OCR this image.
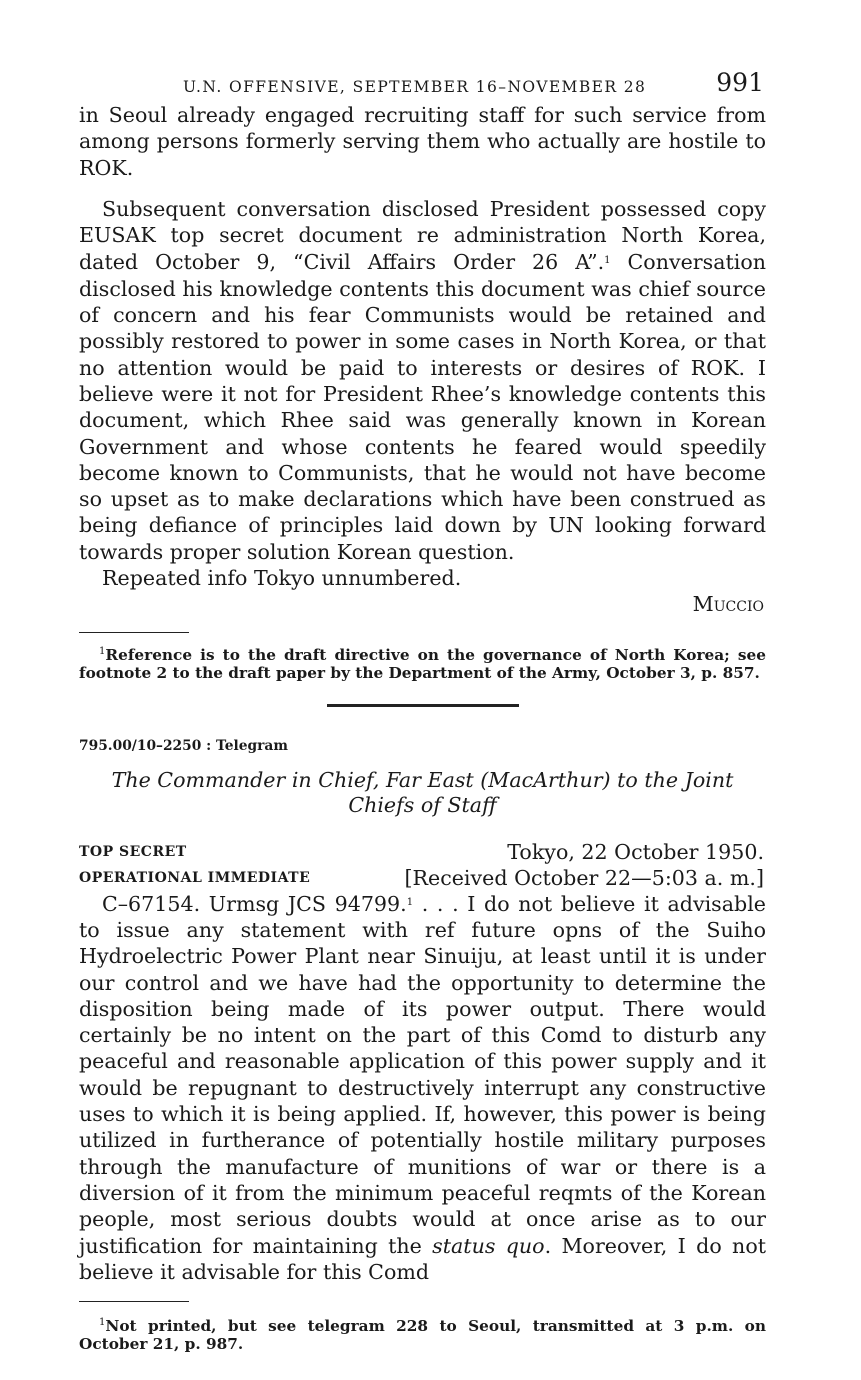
U.N. OFFENSIVE, SEPTEMBER 16–NOVEMBER 28	991

in Seoul already engaged recruiting staff for such service from among persons formerly serving them who actually are hostile to ROK.

Subsequent conversation disclosed President possessed copy EUSAK top secret document re administration North Korea, dated October 9, “Civil Affairs Order 26 A”.$^1$ Conversation disclosed his knowledge contents this document was chief source of concern and his fear Communists would be retained and possibly restored to power in some cases in North Korea, or that no attention would be paid to interests or desires of ROK. I believe were it not for President Rhee’s knowledge contents this document, which Rhee said was generally known in Korean Government and whose contents he feared would speedily become known to Communists, that he would not have become so upset as to make declarations which have been construed as being defiance of principles laid down by UN looking forward towards proper solution Korean question.

Repeated info Tokyo unnumbered.

Muccio

$^1$Reference is to the draft directive on the governance of North Korea; see footnote 2 to the draft paper by the Department of the Army, October 3, p. 857.

795.00/10–2250 : Telegram
The Commander in Chief, Far East (MacArthur) to the Joint Chiefs of Staff
TOP SECRET	Tokyo, 22 October 1950.
OPERATIONAL IMMEDIATE	[Received October 22—5:03 a. m.]

C–67154. Urmsg JCS 94799.$^1$ . . . I do not believe it advisable to issue any statement with ref future opns of the Suiho Hydroelectric Power Plant near Sinuiju, at least until it is under our control and we have had the opportunity to determine the disposition being made of its power output. There would certainly be no intent on the part of this Comd to disturb any peaceful and reasonable application of this power supply and it would be repugnant to destructively interrupt any constructive uses to which it is being applied. If, however, this power is being utilized in furtherance of potentially hostile military purposes through the manufacture of munitions of war or there is a diversion of it from the minimum peaceful reqmts of the Korean people, most serious doubts would at once arise as to our justification for maintaining the status quo. Moreover, I do not believe it advisable for this Comd

$^1$Not printed, but see telegram 228 to Seoul, transmitted at 3 p.m. on October 21, p. 987.
